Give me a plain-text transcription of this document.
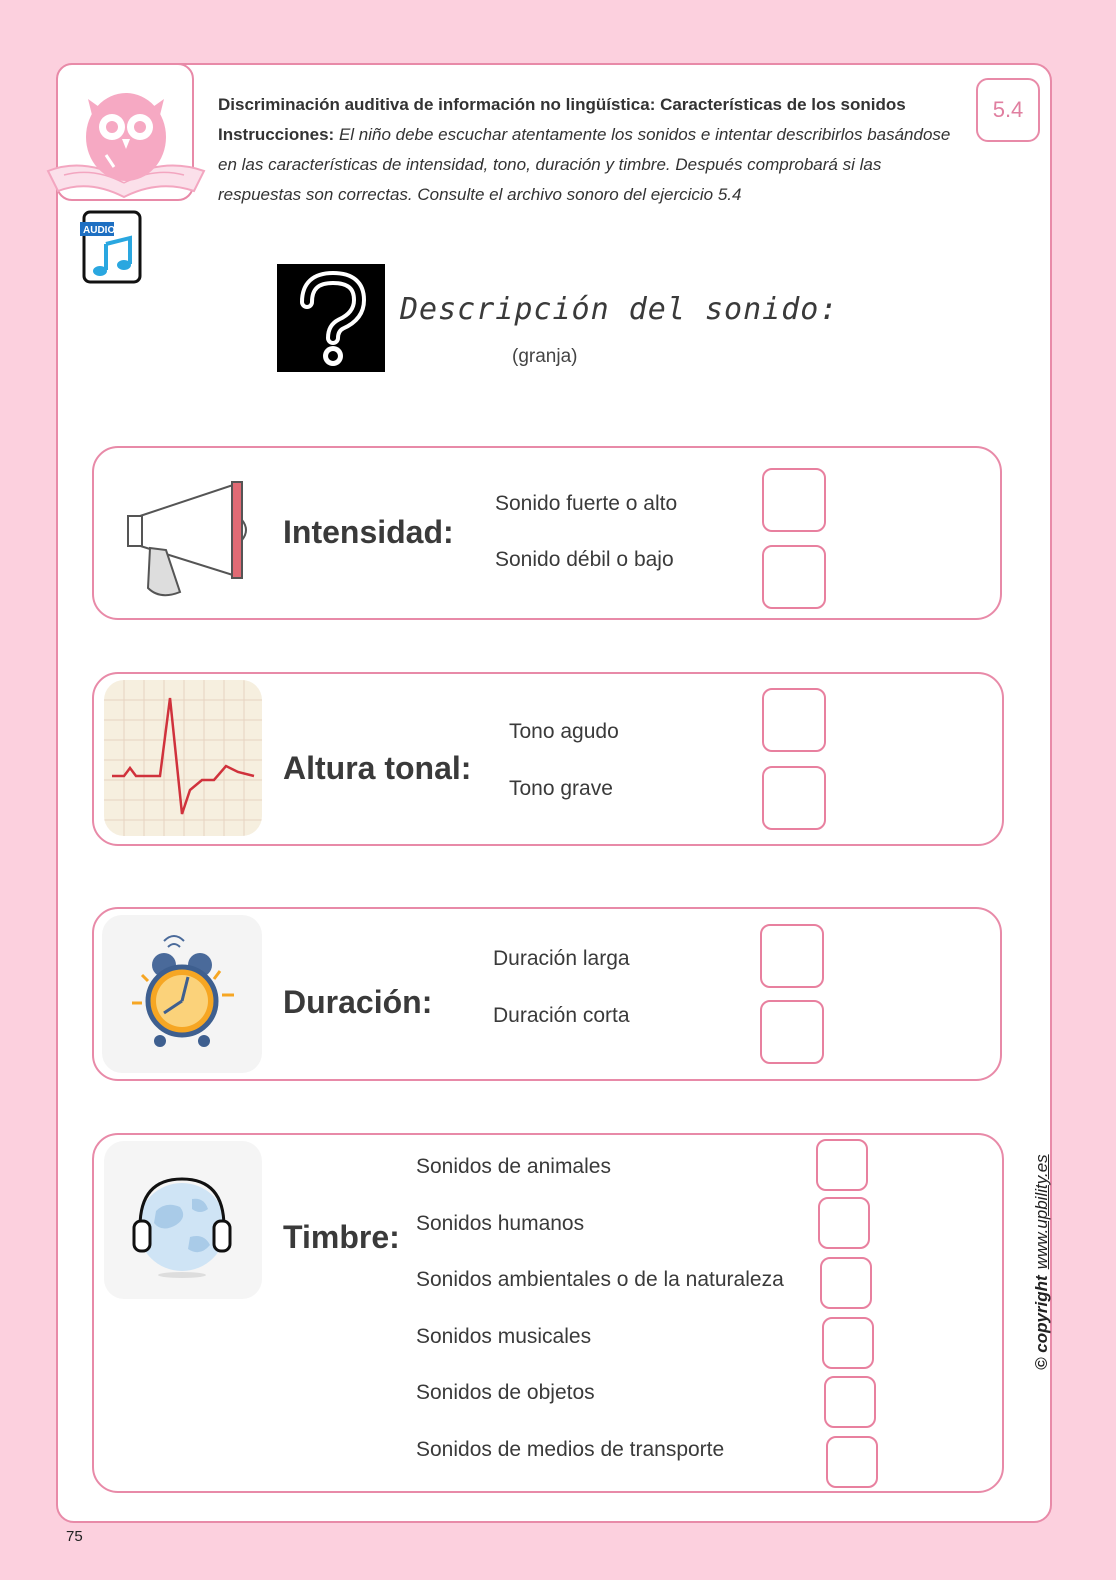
AUDIO
Discriminación auditiva de información no lingüística: Características de los sonidos
Instrucciones: El niño debe escuchar atentamente los sonidos e intentar describirlos basándose en las características de intensidad, tono, duración y timbre. Después comprobará si las respuestas son correctas. Consulte el archivo sonoro del ejercicio 5.4
5.4
Descripción del sonido:
(granja)
Intensidad:
Sonido fuerte o alto
Sonido débil o bajo
Altura tonal:
Tono agudo
Tono grave
Duración:
Duración larga
Duración corta
Timbre:
Sonidos de animales
Sonidos humanos
Sonidos ambientales o de la naturaleza
Sonidos musicales
Sonidos de objetos
Sonidos de medios de transporte
© copyrightwww.upbility.es
75
